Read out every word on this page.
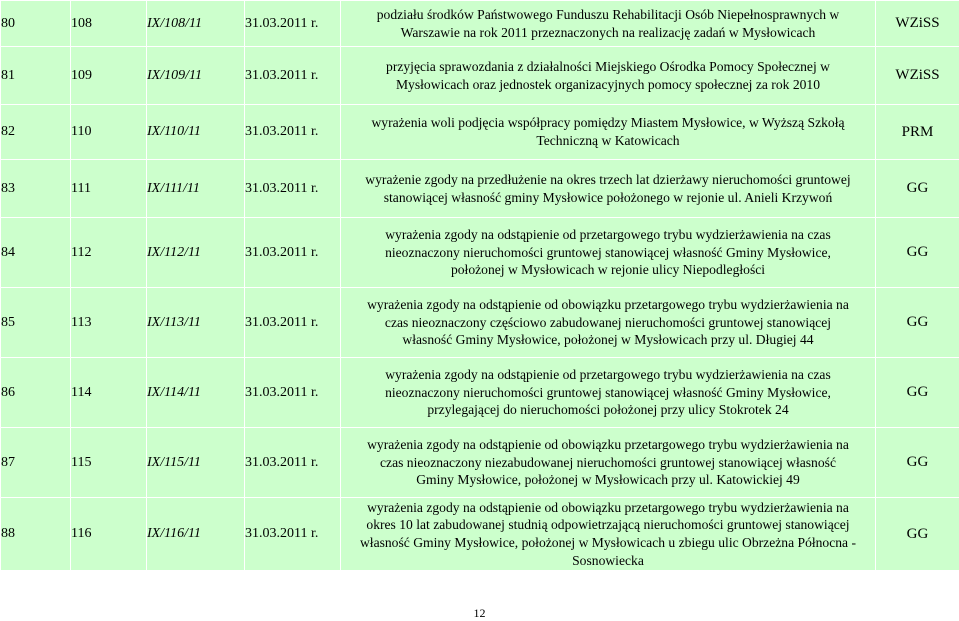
80	108	IX/108/11	31.03.2011 r.	podziału środków Państwowego Funduszu Rehabilitacji Osób Niepełnosprawnych w
Warszawie na rok 2011 przeznaczonych na realizację zadań w Mysłowicach	WZiSS
81	109	IX/109/11	31.03.2011 r.	przyjęcia sprawozdania z działalności Miejskiego Ośrodka Pomocy Społecznej w
Mysłowicach oraz jednostek organizacyjnych pomocy społecznej za rok 2010	WZiSS
82	110	IX/110/11	31.03.2011 r.	wyrażenia woli podjęcia współpracy pomiędzy Miastem Mysłowice, w Wyższą Szkołą
Techniczną w Katowicach	PRM
83	111	IX/111/11	31.03.2011 r.	wyrażenie zgody na przedłużenie na okres trzech lat dzierżawy nieruchomości gruntowej
stanowiącej własność gminy Mysłowice położonego w rejonie ul. Anieli Krzywoń	GG
84	112	IX/112/11	31.03.2011 r.	wyrażenia zgody na odstąpienie od przetargowego trybu wydzierżawienia na czas
nieoznaczony nieruchomości gruntowej stanowiącej własność Gminy Mysłowice,
położonej w Mysłowicach w rejonie ulicy Niepodległości	GG
85	113	IX/113/11	31.03.2011 r.	wyrażenia zgody na odstąpienie od obowiązku przetargowego trybu wydzierżawienia na
czas nieoznaczony częściowo zabudowanej nieruchomości gruntowej stanowiącej
własność Gminy Mysłowice, położonej w Mysłowicach przy ul. Długiej 44	GG
86	114	IX/114/11	31.03.2011 r.	wyrażenia zgody na odstąpienie od przetargowego trybu wydzierżawienia na czas
nieoznaczony nieruchomości gruntowej stanowiącej własność Gminy Mysłowice,
przylegającej do nieruchomości położonej przy ulicy Stokrotek 24	GG
87	115	IX/115/11	31.03.2011 r.	wyrażenia zgody na odstąpienie od obowiązku przetargowego trybu wydzierżawienia na
czas nieoznaczony niezabudowanej nieruchomości gruntowej stanowiącej własność
Gminy Mysłowice, położonej w Mysłowicach przy ul. Katowickiej 49	GG
88	116	IX/116/11	31.03.2011 r.	wyrażenia zgody na odstąpienie od obowiązku przetargowego trybu wydzierżawienia na
okres 10 lat zabudowanej studnią odpowietrzającą nieruchomości gruntowej stanowiącej
własność Gminy Mysłowice, położonej w Mysłowicach u zbiegu ulic Obrzeżna Północna -
Sosnowiecka	GG
12
